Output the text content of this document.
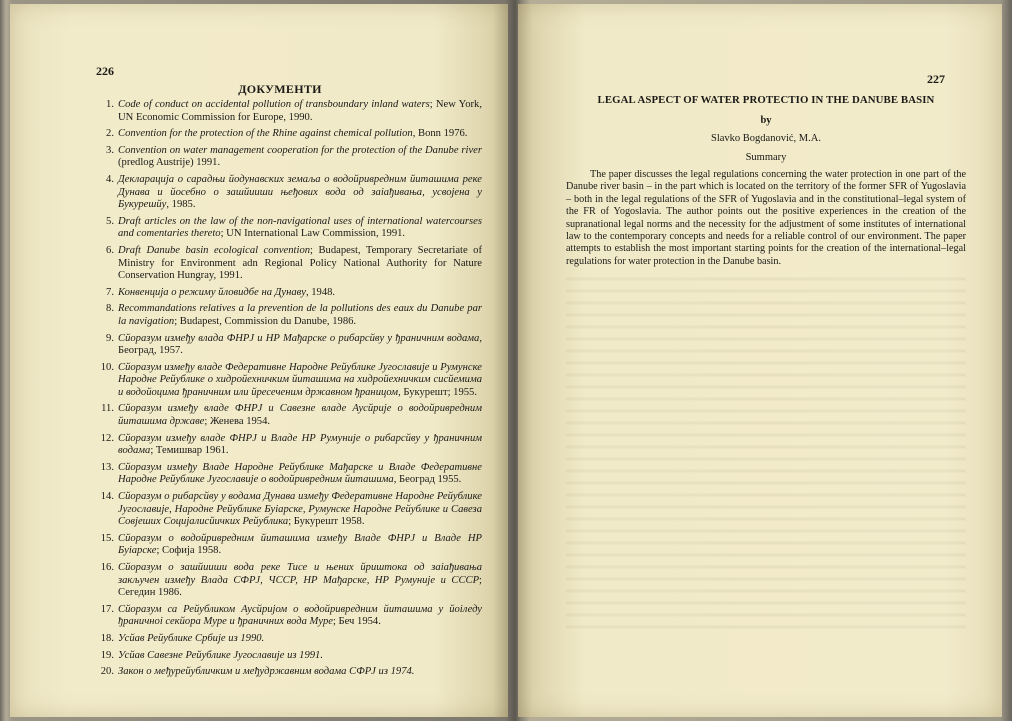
226
ДОКУМЕНТИ
1. Code of conduct on accidental pollution of transboundary inland waters; New York, UN Economic Commission for Europe, 1990.
2. Convention for the protection of the Rhine against chemical pollution, Bonn 1976.
3. Convention on water management cooperation for the protection of the Danube river (predlog Austrije) 1991.
4. Декларација о сарадњи йодунавских земаља о водойривредним йиташима реке Дунава и йосебно о зашйииши њеђових вода од заіађивања, усвојена у Букурешйу, 1985.
5. Draft articles on the law of the non-navigational uses of international watercourses and comentaries thereto; UN International Law Commission, 1991.
6. Draft Danube basin ecological convention; Budapest, Temporary Secretariate of Ministry for Environment adn Regional Policy National Authority for Nature Conservation Hungray, 1991.
7. Конвенција о режиму йловидбе на Дунаву, 1948.
8. Recommandations relatives a la prevention de la pollutions des eaux du Danube par la navigation; Budapest, Commission du Danube, 1986.
9. Сйоразум између влада ФНРЈ и НР Мађарске о рибарсйву у ђраничним водама, Београд, 1957.
10. Сйоразум између владе Федеративне Народне Рейублике Југославије и Румунске Народне Рейублике о хидройехничким йиташима на хидройехничким сисйемима и водойоцима ђраничним или йресеченим државном ђраницом, Букурешт; 1955.
11. Сйоразум између владе ФНРЈ и Савезне владе Аусйрије о водойривредним йиташима државе; Женева 1954.
12. Сйоразум између владе ФНРЈ и Владе НР Румуније о рибарсйву у ђраничним водама; Темишвар 1961.
13. Сйоразум између Владе Народне Рейублике Мађарске и Владе Федеративне Народне Рейублике Југославије о водойривредним йиташима, Београд 1955.
14. Сйоразум о рибарсйву у водама Дунава између Федеративне Народне Рейублике Југославије, Народне Рейублике Буіарске, Румунске Народне Рейублике и Савеза Совјеших Социјалисйичких Рейублика; Букурешт 1958.
15. Сйоразум о водойривредним йиташима између Владе ФНРЈ и Владе НР Буіарске; Софија 1958.
16. Сйоразум о зашйииши вода реке Тисе и њених йриштока од заіађивања закључен између Влада СФРЈ, ЧССР, НР Мађарске, НР Румуније и СССР; Сегедин 1986.
17. Сйоразум са Рейубликом Аусйријом о водойривредним йиташима у йоіледу ђраничноі секйора Муре и ђраничних вода Муре; Беч 1954.
18. Усйав Рейублике Србије из 1990.
19. Усйав Савезне Рейублике Југославије из 1991.
20. Закон о међурейубличким и међудржавним водама СФРЈ из 1974.
227
LEGAL ASPECT OF WATER PROTECTIO IN THE DANUBE BASIN
by
Slavko Bogdanović, M.A.
Summary

The paper discusses the legal regulations concerning the water protection in one part of the Danube river basin – in the part which is located on the territory of the former SFR of Yugoslavia – both in the legal regulations of the SFR of Yugoslavia and in the constitutional–legal system of the FR of Yogoslavia. The author points out the positive experiences in the creation of the supranational legal norms and the necessity for the adjustment of some institutes of international law to the contemporary concepts and needs for a reliable control of our environment. The paper attempts to establish the most important starting points for the creation of the international–legal regulations for water protection in the Danube basin.
